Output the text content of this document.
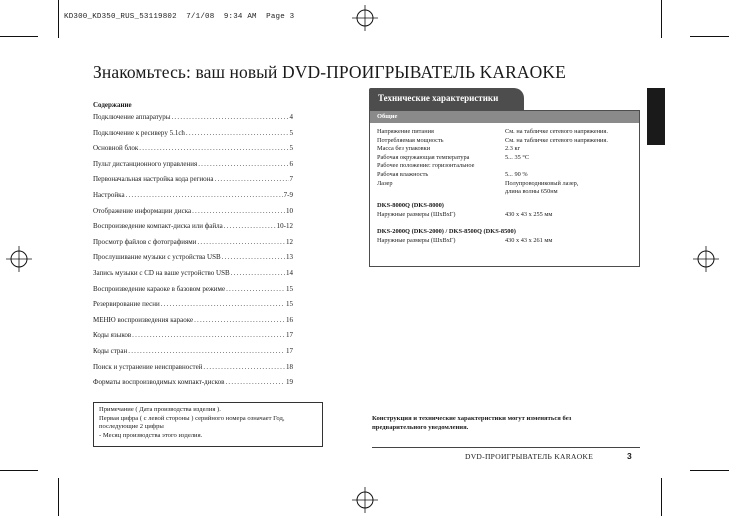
KD300_KD350_RUS_53119802  7/1/08  9:34 AM  Page 3
Знакомьтесь: ваш новый DVD-ПРОИГРЫВАТЕЛЬ KARAOKE
Содержание
Подключение аппаратуры .....	4
Подключение к ресиверу 5.1ch .....	5
Основной блок .....	5
Пульт дистанционного управления .....	6
Первоначальная настройка кода региона .....	7
Настройка .....	7-9
Отображение информации диска .....	10
Воспроизведение компакт-диска или файла .....	10-12
Просмотр файлов с фотографиями .....	12
Прослушивание музыки с устройства USB .....	13
Запись музыки с CD на ваше устройство USB .....	14
Воспроизведение караоке в базовом режиме .....	15
Резервирование песни .....	15
МЕНЮ воспроизведения караоке .....	16
Коды языков .....	17
Коды стран .....	17
Поиск и устранение неисправностей .....	18
Форматы воспроизводимых компакт-дисков .....	19
Технические характеристики
Общие
Напряжение питания	См. на табличке сетевого напряжения.
Потребляемая мощность	См. на табличке сетевого напряжения.
Масса без упаковки	2.3 кг
Рабочая окружающая температура	5... 35 °C
Рабочее положение: горизонтальное
Рабочая влажность	5... 90 %
Лазер	Полупроводниковый лазер,
длина волны 650нм
DKS-8000Q (DKS-8000)
Наружные размеры (ШхВхГ)	430 x 43 x 255 мм
DKS-2000Q (DKS-2000) / DKS-8500Q (DKS-8500)
Наружные размеры (ШхВхГ)	430 x 43 x 261 мм
Примечание ( Дата производства изделия ).
Первая цифра ( с левой стороны ) серийного номера означает Год,
последующие 2 цифры
- Месяц производства этого изделия.
Конструкция и технические характеристики могут изменяться без
предварительного уведомления.
DVD-ПРОИГРЫВАТЕЛЬ KARAOKE	3
